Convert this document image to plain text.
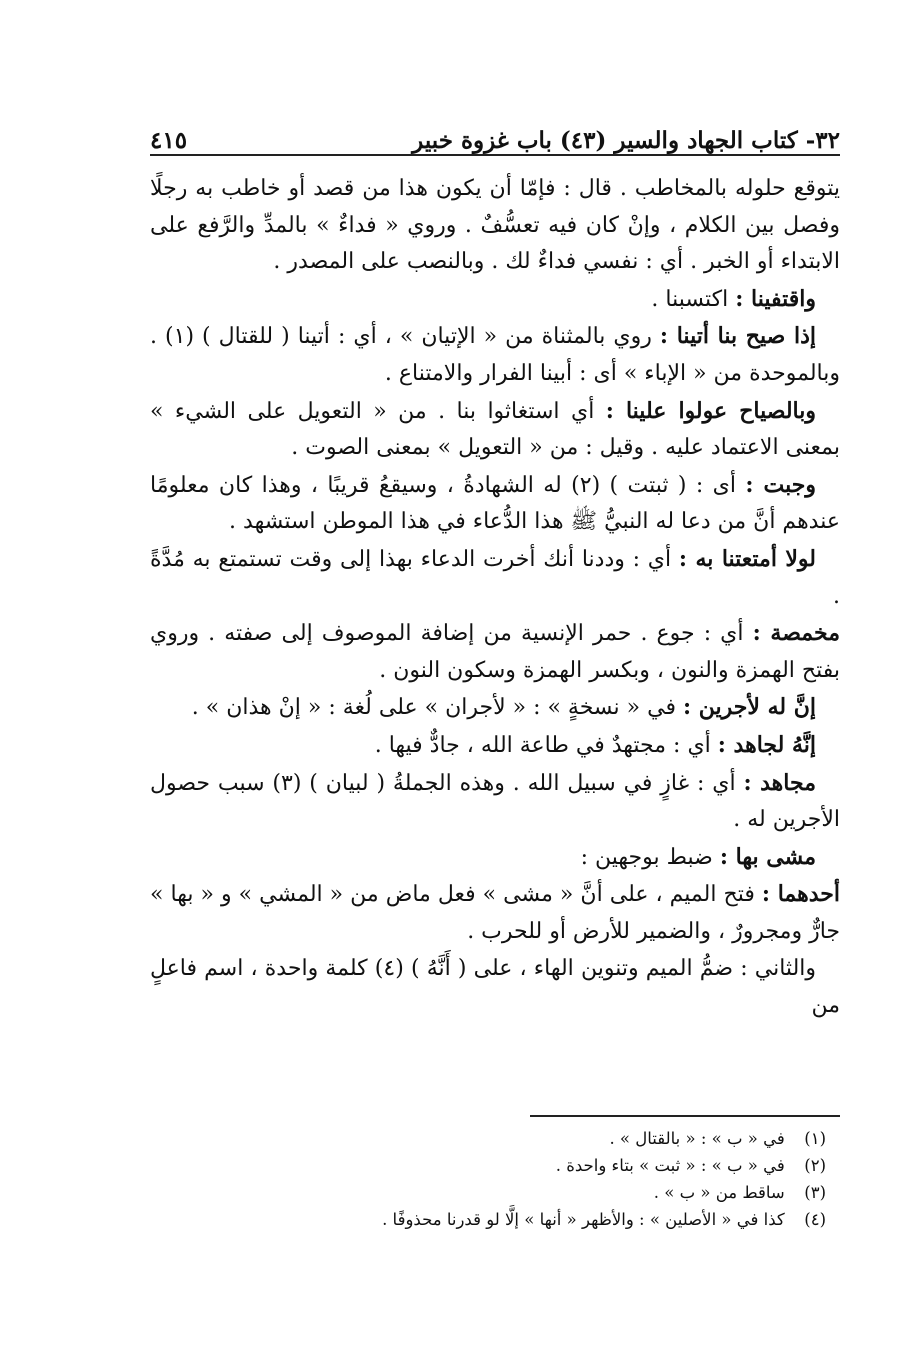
٣٢- كتاب الجهاد والسير (٤٣) باب غزوة خبير
٤١٥

يتوقع حلوله بالمخاطب . قال : فإمّا أن يكون هذا من قصد أو خاطب به رجلًا وفصل بين الكلام ، وإنْ كان فيه تعسُّفٌ . وروي « فداءٌ » بالمدِّ والرَّفع على الابتداء أو الخبر . أي : نفسي فداءٌ لك . وبالنصب على المصدر .

واقتفينا : اكتسبنا .

إذا صيح بنا أتينا : روي بالمثناة من « الإتيان » ، أي : أتينا ( للقتال ) (١) . وبالموحدة من « الإباء » أى : أبينا الفرار والامتناع .

وبالصياح عولوا علينا : أي استغاثوا بنا . من « التعويل على الشيء » بمعنى الاعتماد عليه . وقيل : من « التعويل » بمعنى الصوت .

وجبت : أى : ( ثبتت ) (٢) له الشهادةُ ، وسيقعُ قريبًا ، وهذا كان معلومًا عندهم أنَّ من دعا له النبيُّ ﷺ هذا الدُّعاء في هذا الموطن استشهد .

لولا أمتعتنا به : أي : وددنا أنك أخرت الدعاء بهذا إلى وقت تستمتع به مُدَّةً .

مخمصة : أي : جوع . حمر الإنسية من إضافة الموصوف إلى صفته . وروي بفتح الهمزة والنون ، وبكسر الهمزة وسكون النون .

إنَّ له لأجرين : في « نسخةٍ » : « لأجران » على لُغة : « إنْ هذان » .

إنَّهُ لجاهد : أي : مجتهدٌ في طاعة الله ، جادٌّ فيها .

مجاهد : أي : غازٍ في سبيل الله . وهذه الجملةُ ( لبيان ) (٣) سبب حصول الأجرين له .

مشى بها : ضبط بوجهين :

أحدهما : فتح الميم ، على أنَّ « مشى » فعل ماض من « المشي » و « بها » جارٌّ ومجرورٌ ، والضمير للأرض أو للحرب .

والثاني : ضمُّ الميم وتنوين الهاء ، على ( أَنَّهُ ) (٤) كلمة واحدة ، اسم فاعلٍ من

(١) في « ب » : « بالقتال » .

(٢) في « ب » : « ثبت » بتاء واحدة .

(٣) ساقط من « ب » .

(٤) كذا في « الأصلين » : والأظهر « أنها » إلَّا لو قدرنا محذوفًا .
